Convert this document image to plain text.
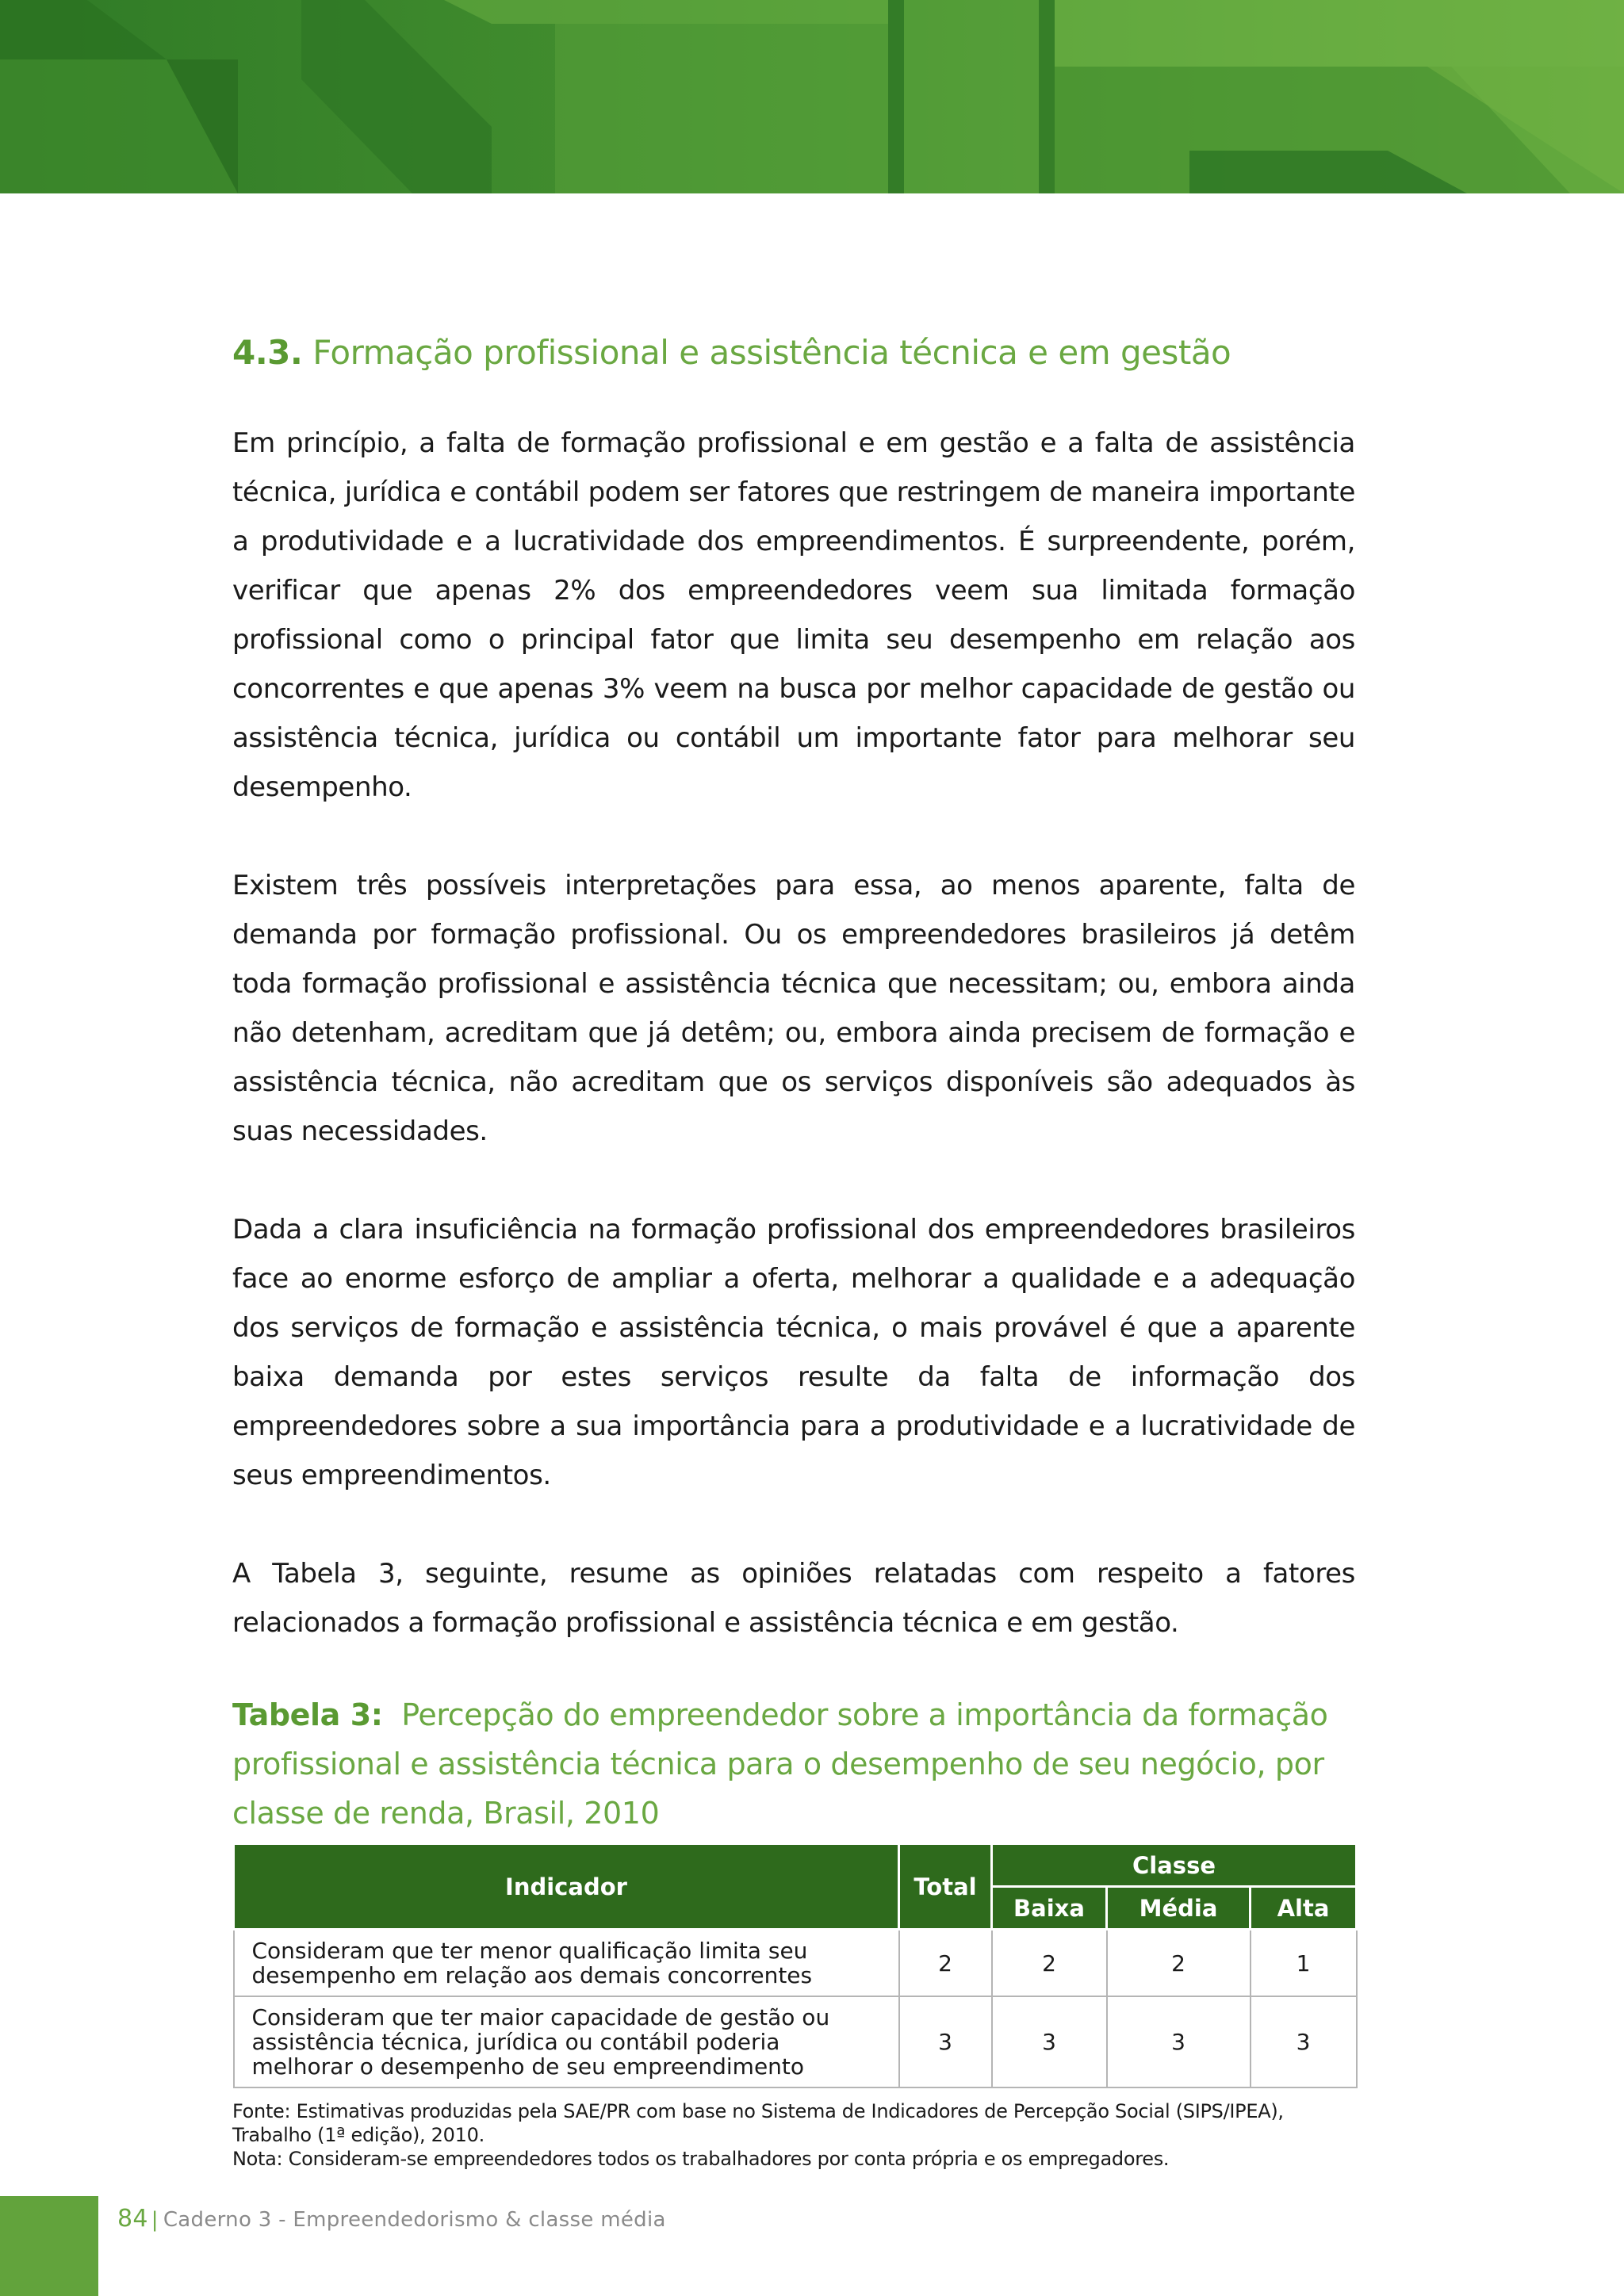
4.3. Formação profissional e assistência técnica e em gestão

Em princípio, a falta de formação profissional e em gestão e a falta de assistência técnica, jurídica e contábil podem ser fatores que restringem de maneira importante a produtividade e a lucratividade dos empreendimentos. É surpreendente, porém, verificar que apenas 2% dos empreendedores veem sua limitada formação profissional como o principal fator que limita seu desempenho em relação aos concorrentes e que apenas 3% veem na busca por melhor capacidade de gestão ou assistência técnica, jurídica ou contábil um importante fator para melhorar seu desempenho.

Existem três possíveis interpretações para essa, ao menos aparente, falta de demanda por formação profissional. Ou os empreendedores brasileiros já detêm toda formação profissional e assistência técnica que necessitam; ou, embora ainda não detenham, acreditam que já detêm; ou, embora ainda precisem de formação e assistência técnica, não acreditam que os serviços disponíveis são adequados às suas necessidades.

Dada a clara insuficiência na formação profissional dos empreendedores brasileiros face ao enorme esforço de ampliar a oferta, melhorar a qualidade e a adequação dos serviços de formação e assistência técnica, o mais provável é que a aparente baixa demanda por estes serviços resulte da falta de informação dos empreendedores sobre a sua importância para a produtividade e a lucratividade de seus empreendimentos.

A Tabela 3, seguinte, resume as opiniões relatadas com respeito a fatores relacionados a formação profissional e assistência técnica e em gestão.

Tabela 3: Percepção do empreendedor sobre a importância da formação profissional e assistência técnica para o desempenho de seu negócio, por classe de renda, Brasil, 2010
Indicador	Total	Classe		
		Baixa	Média	Alta
Consideram que ter menor qualificação limita seu desempenho em relação aos demais concorrentes	2	2	2	1
Consideram que ter maior capacidade de gestão ou assistência técnica, jurídica ou contábil poderia melhorar o desempenho de seu empreendimento	3	3	3	3

Fonte: Estimativas produzidas pela SAE/PR com base no Sistema de Indicadores de Percepção Social (SIPS/IPEA), Trabalho (1ª edição), 2010.

Nota: Consideram-se empreendedores todos os trabalhadores por conta própria e os empregadores.

84 | Caderno 3 - Empreendedorismo & classe média
